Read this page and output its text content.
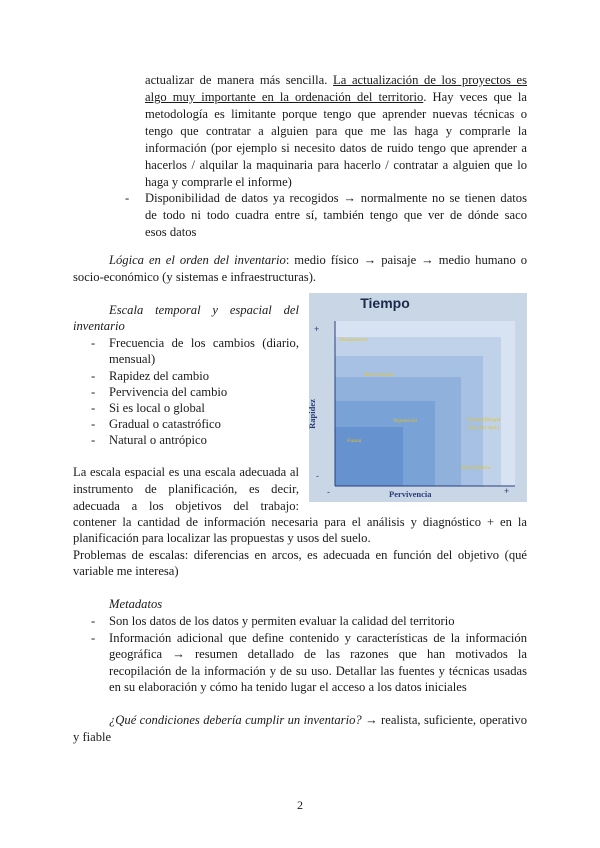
actualizar de manera más sencilla. La actualización de los proyectos es
algo muy importante en la ordenación del territorio. Hay veces que la
metodología es limitante porque tengo que aprender nuevas técnicas o
tengo que contratar a alguien para que me las haga y comprarle la
información (por ejemplo si necesito datos de ruido tengo que aprender a
hacerlos / alquilar la maquinaria para hacerlo / contratar a alguien que lo
haga y comprarle el informe)
- Disponibilidad de datos ya recogidos → normalmente no se tienen datos
de todo ni todo cuadra entre sí, también tengo que ver de dónde saco
esos datos
Lógica en el orden del inventario: medio físico → paisaje → medio humano o
socio-económico (y sistemas e infraestructuras).
Escala temporal y espacial del
inventario
- Frecuencia de los cambios (diario,
mensual)
- Rapidez del cambio
- Pervivencia del cambio
- Si es local o global
- Gradual o catastrófico
- Natural o antrópico
Tiempo
Rapidez
+
-
-	+
Pervivencia
Hundimiento
Meteorología
Vegetación	Geomorfología
Usos del suelo
Fauna
Nivel freático
La escala espacial es una escala adecuada al
instrumento de planificación, es decir,
adecuada a los objetivos del trabajo:
contener la cantidad de información necesaria para el análisis y diagnóstico + en la
planificación para localizar las propuestas y usos del suelo.
Problemas de escalas: diferencias en arcos, es adecuada en función del objetivo (qué
variable me interesa)
Metadatos
- Son los datos de los datos y permiten evaluar la calidad del territorio
- Información adicional que define contenido y características de la información
geográfica → resumen detallado de las razones que han motivados la
recopilación de la información y de su uso. Detallar las fuentes y técnicas usadas
en su elaboración y cómo ha tenido lugar el acceso a los datos iniciales
¿Qué condiciones debería cumplir un inventario? → realista, suficiente, operativo
y fiable
2
